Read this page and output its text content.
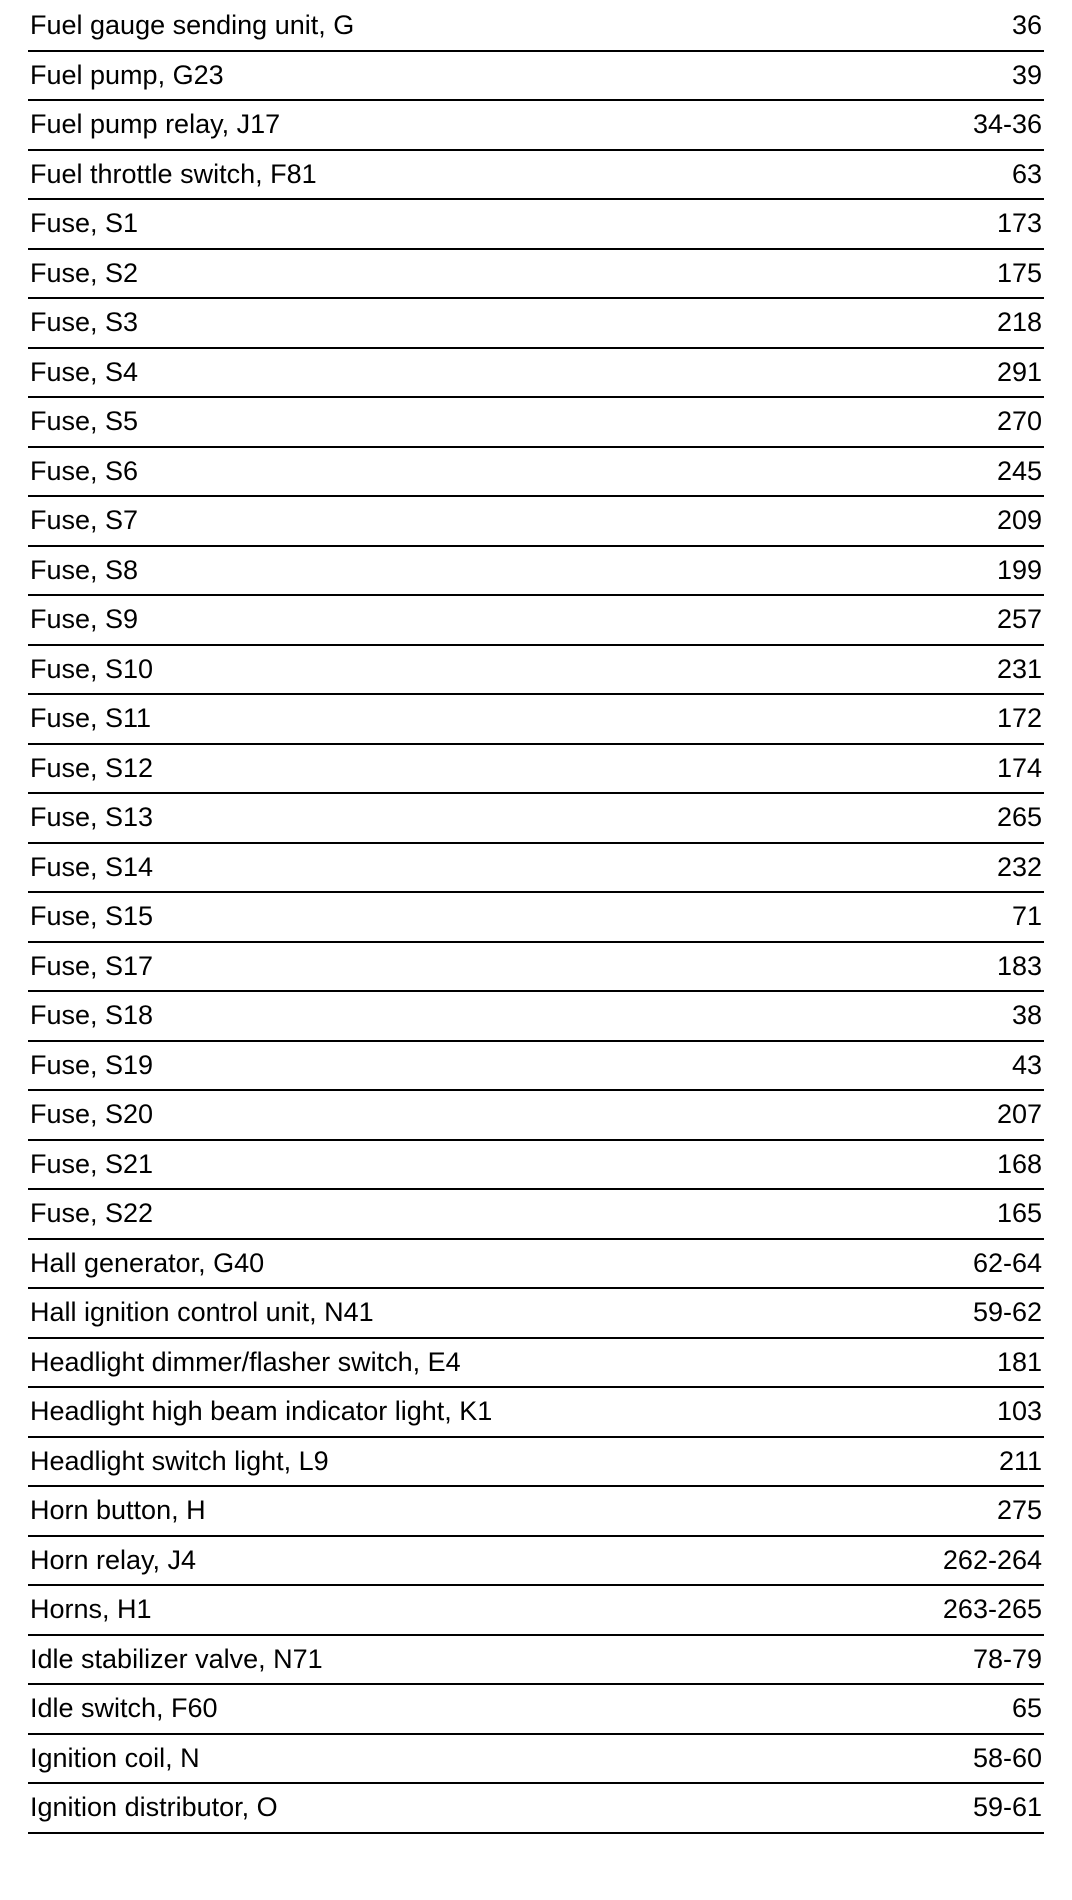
Fuel gauge sending unit, G	36
Fuel pump, G23	39
Fuel pump relay, J17	34-36
Fuel throttle switch, F81	63
Fuse, S1	173
Fuse, S2	175
Fuse, S3	218
Fuse, S4	291
Fuse, S5	270
Fuse, S6	245
Fuse, S7	209
Fuse, S8	199
Fuse, S9	257
Fuse, S10	231
Fuse, S11	172
Fuse, S12	174
Fuse, S13	265
Fuse, S14	232
Fuse, S15	71
Fuse, S17	183
Fuse, S18	38
Fuse, S19	43
Fuse, S20	207
Fuse, S21	168
Fuse, S22	165
Hall generator, G40	62-64
Hall ignition control unit, N41	59-62
Headlight dimmer/flasher switch, E4	181
Headlight high beam indicator light, K1	103
Headlight switch light, L9	211
Horn button, H	275
Horn relay, J4	262-264
Horns, H1	263-265
Idle stabilizer valve, N71	78-79
Idle switch, F60	65
Ignition coil, N	58-60
Ignition distributor, O	59-61
